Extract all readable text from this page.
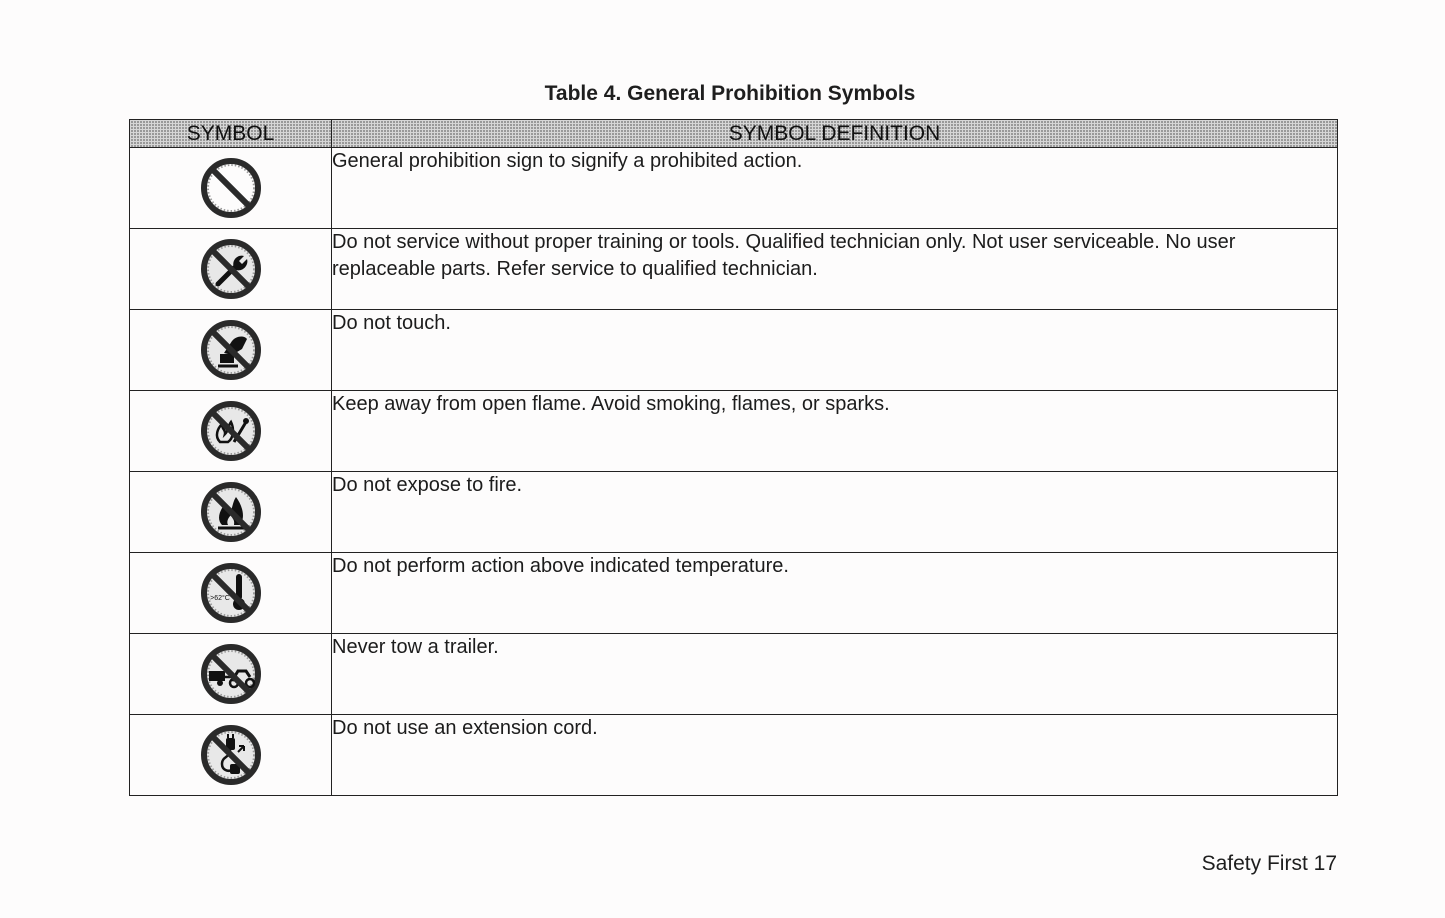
Table 4. General Prohibition Symbols
SYMBOL	SYMBOL DEFINITION

	General prohibition sign to signify a prohibited action.

	Do not service without proper training or tools. Qualified technician only. Not user serviceable. No user replaceable parts. Refer service to qualified technician.

	Do not touch.

	Keep away from open flame. Avoid smoking, flames, or sparks.

	Do not expose to fire.

>62°C	Do not perform action above indicated temperature.

	Never tow a trailer.

	Do not use an extension cord.
Safety First 17
